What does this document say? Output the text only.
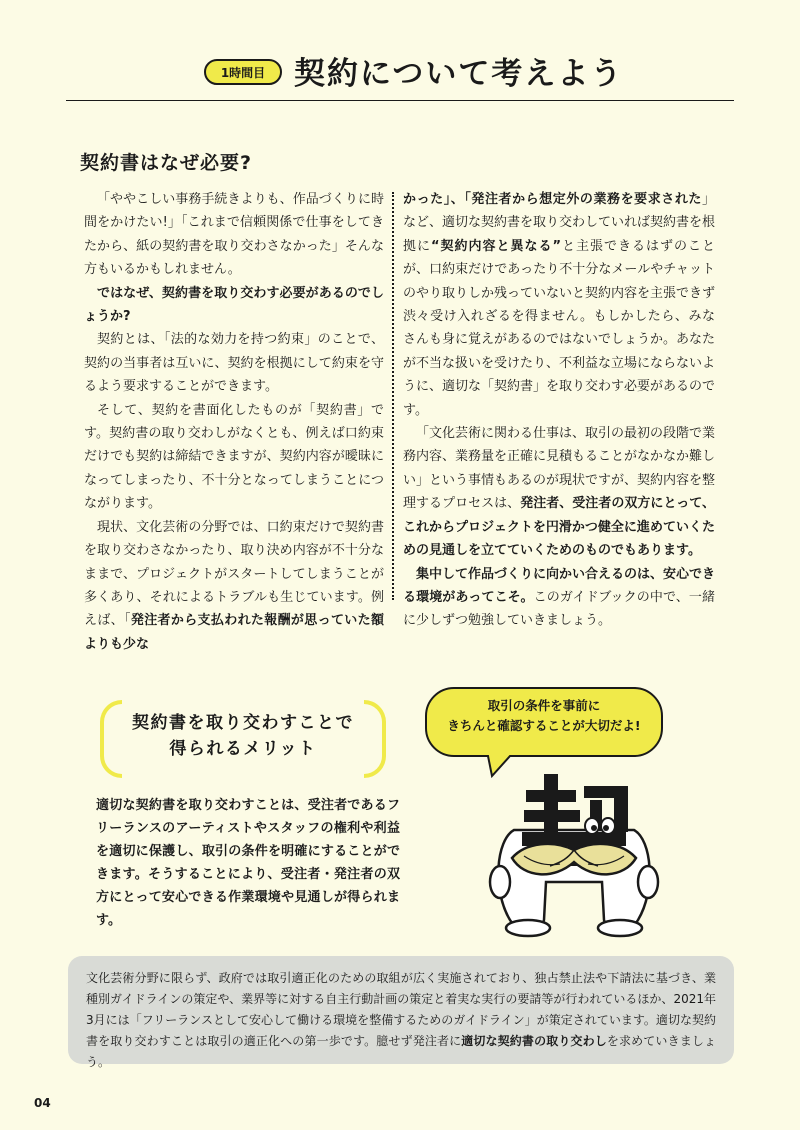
1時間目 契約について考えよう
契約書はなぜ必要?

「ややこしい事務手続きよりも、作品づくりに時間をかけたい!」「これまで信頼関係で仕事をしてきたから、紙の契約書を取り交わさなかった」そんな方もいるかもしれません。

ではなぜ、契約書を取り交わす必要があるのでしょうか?

契約とは、「法的な効力を持つ約束」のことで、契約の当事者は互いに、契約を根拠にして約束を守るよう要求することができます。

そして、契約を書面化したものが「契約書」です。契約書の取り交わしがなくとも、例えば口約束だけでも契約は締結できますが、契約内容が曖昧になってしまったり、不十分となってしまうことにつながります。

現状、文化芸術の分野では、口約束だけで契約書を取り交わさなかったり、取り決め内容が不十分なままで、プロジェクトがスタートしてしまうことが多くあり、それによるトラブルも生じています。例えば、「発注者から支払われた報酬が思っていた額よりも少な

かった」、「発注者から想定外の業務を要求された」など、適切な契約書を取り交わしていれば契約書を根拠に“契約内容と異なる”と主張できるはずのことが、口約束だけであったり不十分なメールやチャットのやり取りしか残っていないと契約内容を主張できず渋々受け入れざるを得ません。もしかしたら、みなさんも身に覚えがあるのではないでしょうか。あなたが不当な扱いを受けたり、不利益な立場にならないように、適切な「契約書」を取り交わす必要があるのです。

「文化芸術に関わる仕事は、取引の最初の段階で業務内容、業務量を正確に見積もることがなかなか難しい」という事情もあるのが現状ですが、契約内容を整理するプロセスは、発注者、受注者の双方にとって、これからプロジェクトを円滑かつ健全に進めていくための見通しを立てていくためのものでもあります。

集中して作品づくりに向かい合えるのは、安心できる環境があってこそ。このガイドブックの中で、一緒に少しずつ勉強していきましょう。

契約書を取り交わすことで
得られるメリット
適切な契約書を取り交わすことは、受注者であるフリーランスのアーティストやスタッフの権利や利益を適切に保護し、取引の条件を明確にすることができます。そうすることにより、受注者・発注者の双方にとって安心できる作業環境や見通しが得られます。
取引の条件を事前に
きちんと確認することが大切だよ!
文化芸術分野に限らず、政府では取引適正化のための取組が広く実施されており、独占禁止法や下請法に基づき、業種別ガイドラインの策定や、業界等に対する自主行動計画の策定と着実な実行の要請等が行われているほか、2021年3月には「フリーランスとして安心して働ける環境を整備するためのガイドライン」が策定されています。適切な契約書を取り交わすことは取引の適正化への第一歩です。臆せず発注者に適切な契約書の取り交わしを求めていきましょう。
04
